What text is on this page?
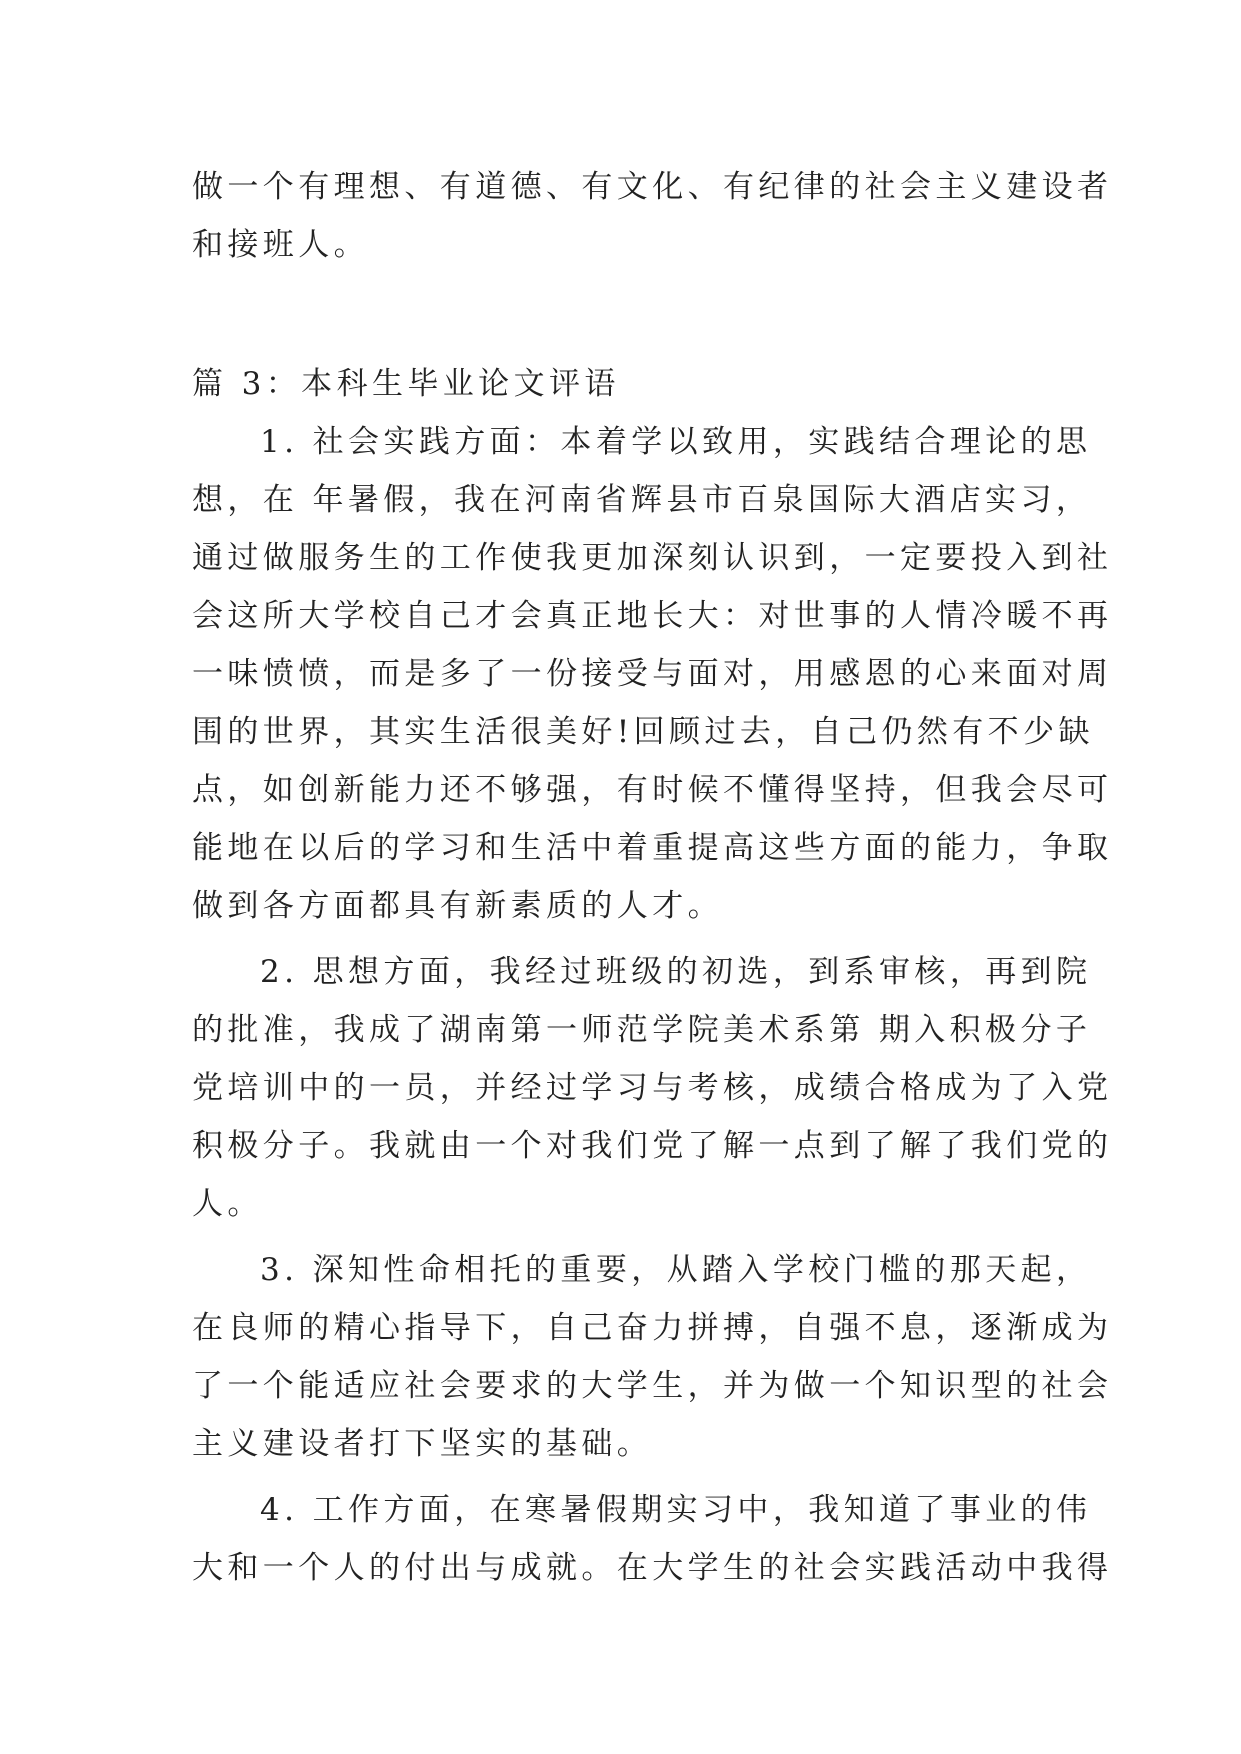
做一个有理想、有道德、有文化、有纪律的社会主义建设者
和接班人。
篇 3：本科生毕业论文评语
1. 社会实践方面：本着学以致用，实践结合理论的思
想，在 年暑假，我在河南省辉县市百泉国际大酒店实习，
通过做服务生的工作使我更加深刻认识到，一定要投入到社
会这所大学校自己才会真正地长大：对世事的人情冷暖不再
一味愤愤，而是多了一份接受与面对，用感恩的心来面对周
围的世界，其实生活很美好!回顾过去，自己仍然有不少缺
点，如创新能力还不够强，有时候不懂得坚持，但我会尽可
能地在以后的学习和生活中着重提高这些方面的能力，争取
做到各方面都具有新素质的人才。
2. 思想方面，我经过班级的初选，到系审核，再到院
的批准，我成了湖南第一师范学院美术系第 期入积极分子
党培训中的一员，并经过学习与考核，成绩合格成为了入党
积极分子。我就由一个对我们党了解一点到了解了我们党的
人。
3. 深知性命相托的重要，从踏入学校门槛的那天起，
在良师的精心指导下，自己奋力拼搏，自强不息，逐渐成为
了一个能适应社会要求的大学生，并为做一个知识型的社会
主义建设者打下坚实的基础。
4. 工作方面，在寒暑假期实习中，我知道了事业的伟
大和一个人的付出与成就。在大学生的社会实践活动中我得
